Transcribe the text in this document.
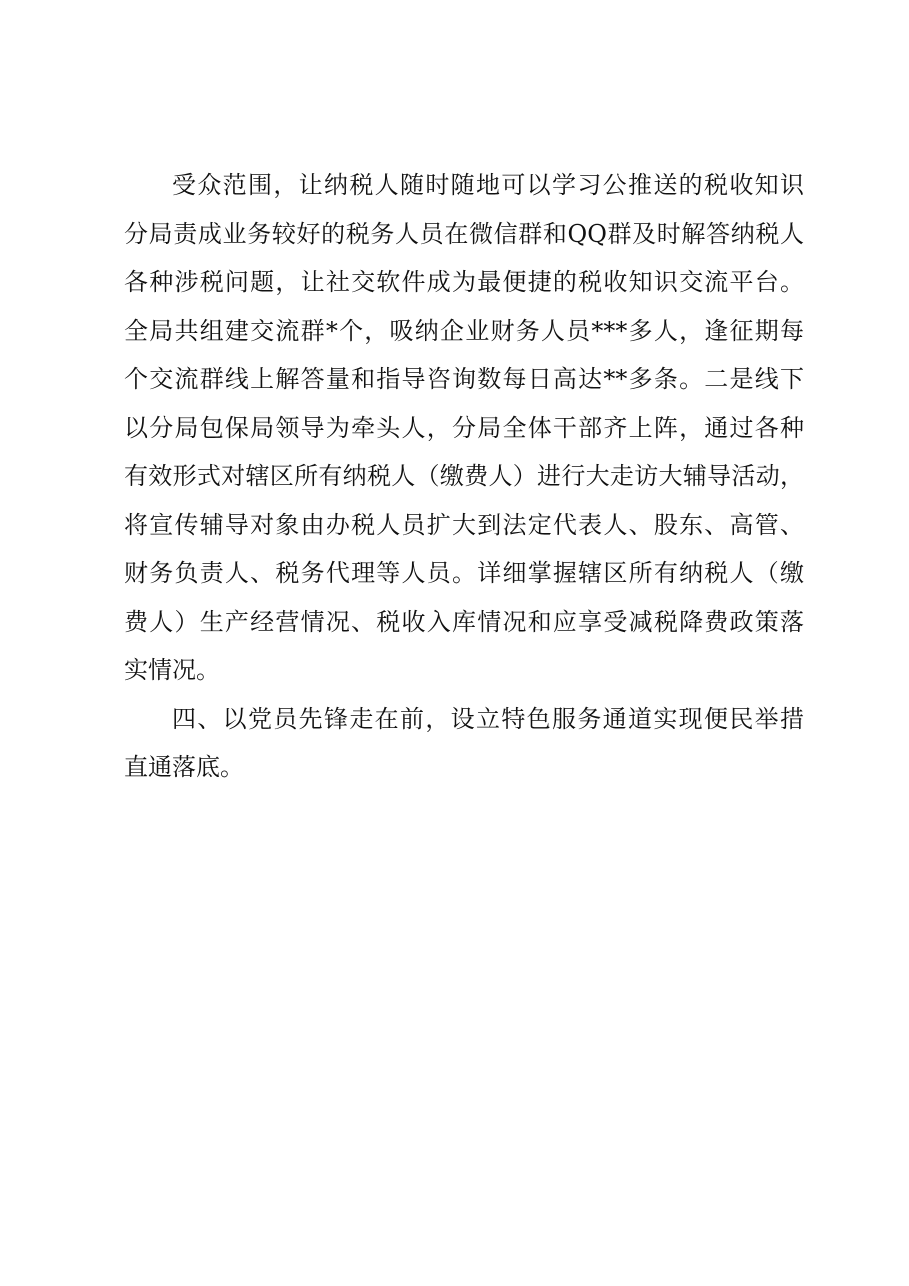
受众范围，让纳税人随时随地可以学习公推送的税收知识

分局责成业务较好的税务人员在微信群和QQ群及时解答纳税人

各种涉税问题，让社交软件成为最便捷的税收知识交流平台。

全局共组建交流群*个，吸纳企业财务人员***多人，逢征期每

个交流群线上解答量和指导咨询数每日高达**多条。二是线下

以分局包保局领导为牵头人，分局全体干部齐上阵，通过各种

有效形式对辖区所有纳税人（缴费人）进行大走访大辅导活动，

将宣传辅导对象由办税人员扩大到法定代表人、股东、高管、

财务负责人、税务代理等人员。详细掌握辖区所有纳税人（缴

费人）生产经营情况、税收入库情况和应享受减税降费政策落

实情况。

四、以党员先锋走在前，设立特色服务通道实现便民举措

直通落底。
